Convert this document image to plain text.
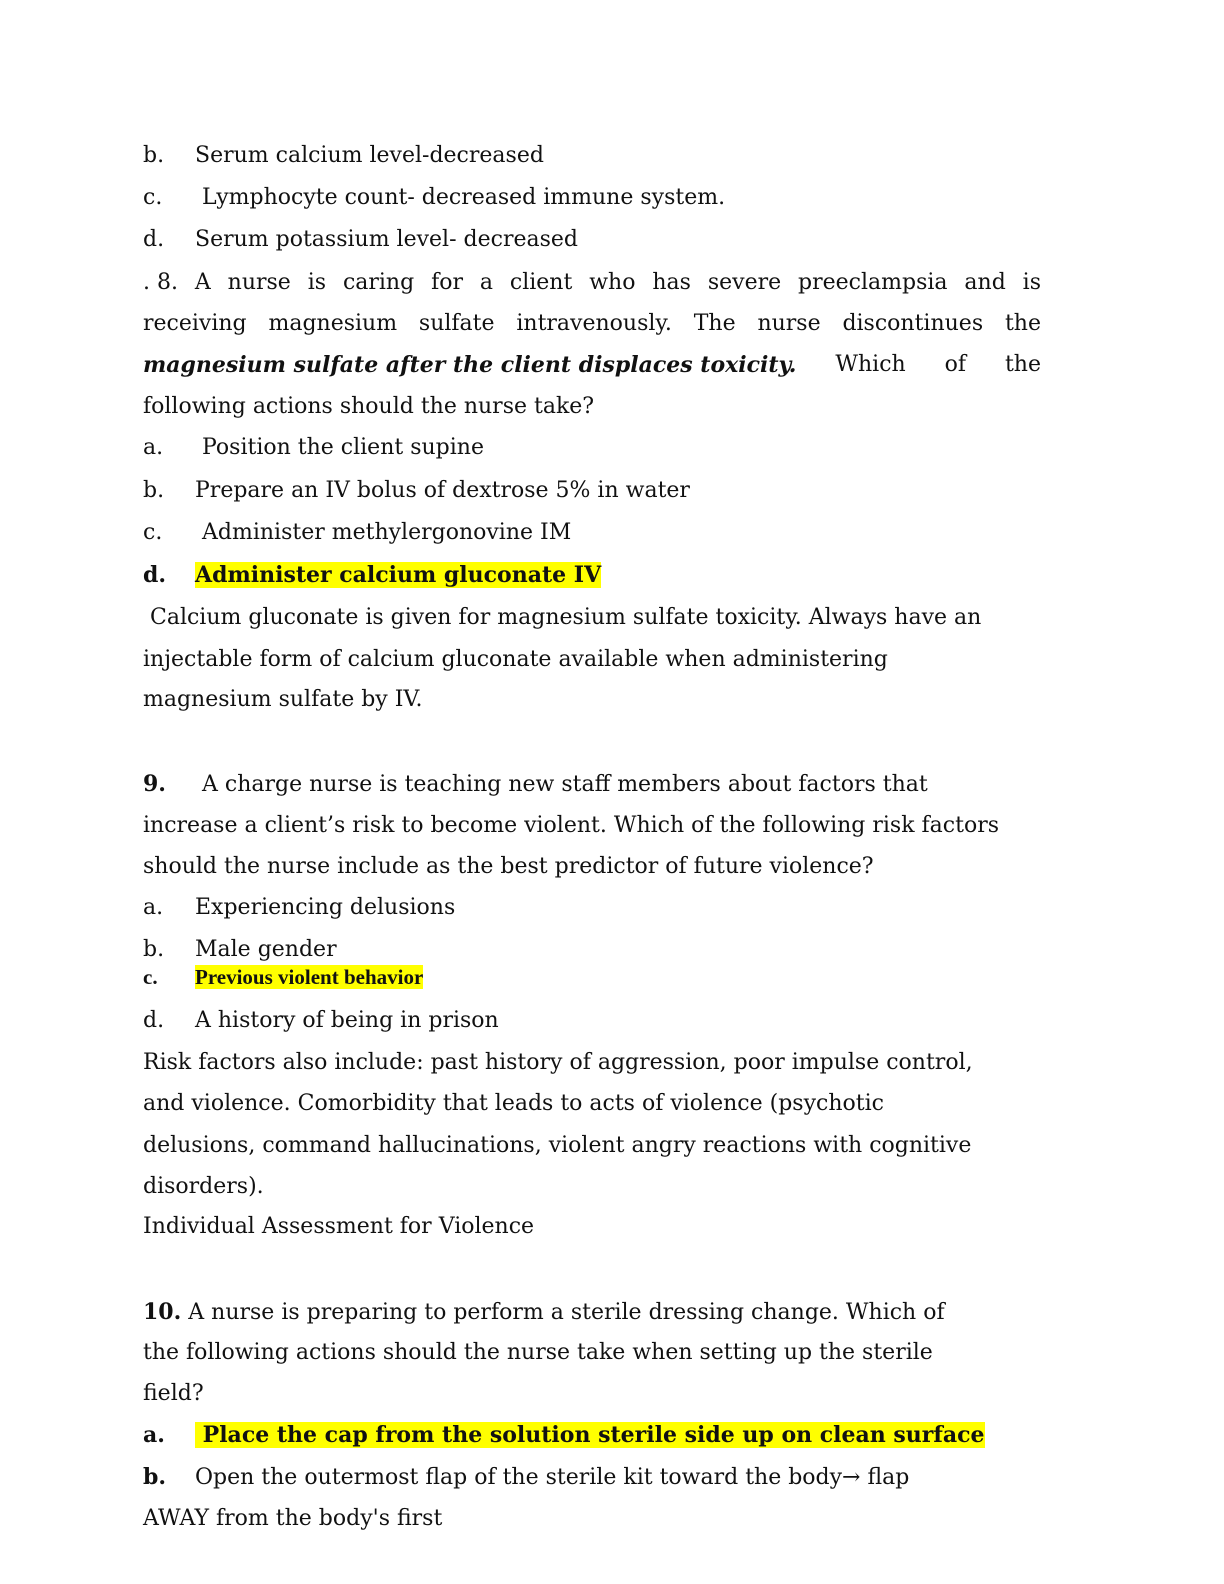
b. Serum calcium level-decreased
c. Lymphocyte count- decreased immune system.
d. Serum potassium level- decreased
. 8. A nurse is caring for a client who has severe preeclampsia and is
receiving magnesium sulfate intravenously. The nurse discontinues the
magnesium sulfate after the client displaces toxicity. Which of the
following actions should the nurse take?
a. Position the client supine
b. Prepare an IV bolus of dextrose 5% in water
c. Administer methylergonovine IM
d. Administer calcium gluconate IV
Calcium gluconate is given for magnesium sulfate toxicity. Always have an
injectable form of calcium gluconate available when administering
magnesium sulfate by IV.
9. A charge nurse is teaching new staff members about factors that
increase a client’s risk to become violent. Which of the following risk factors
should the nurse include as the best predictor of future violence?
a. Experiencing delusions
b. Male gender
c. Previous violent behavior
d. A history of being in prison
Risk factors also include: past history of aggression, poor impulse control,
and violence. Comorbidity that leads to acts of violence (psychotic
delusions, command hallucinations, violent angry reactions with cognitive
disorders).
Individual Assessment for Violence
10. A nurse is preparing to perform a sterile dressing change. Which of
the following actions should the nurse take when setting up the sterile
field?
a. Place the cap from the solution sterile side up on clean surface
b. Open the outermost flap of the sterile kit toward the body→ flap
AWAY from the body's first
